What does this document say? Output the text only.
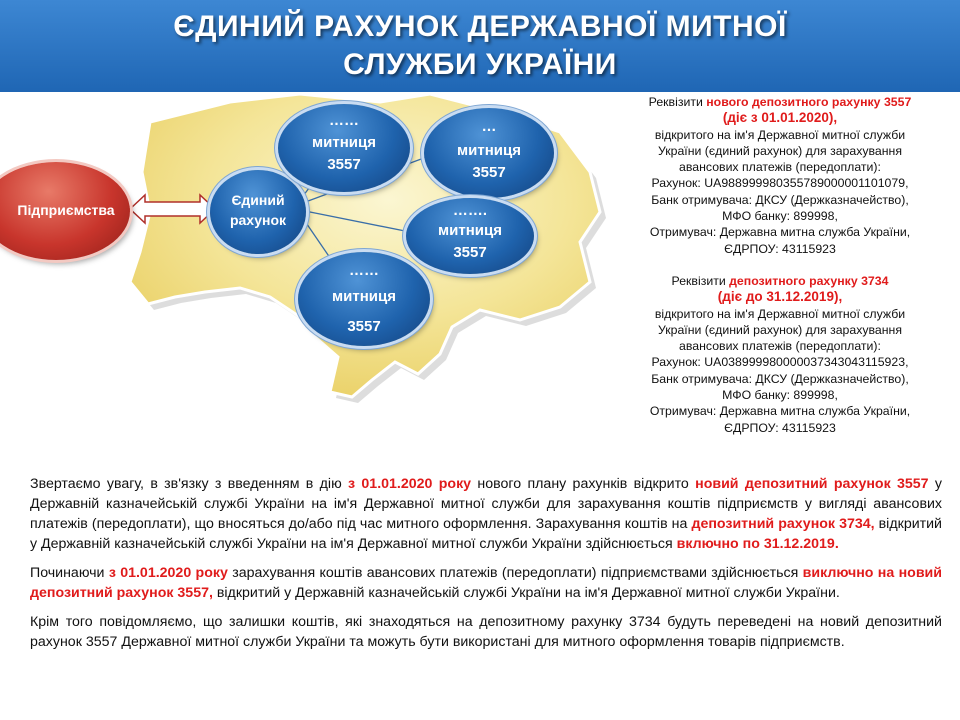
ЄДИНИЙ РАХУНОК ДЕРЖАВНОЇ МИТНОЇ
СЛУЖБИ УКРАЇНИ
Підприємства
Єдиний
рахунок
……
митниця
3557
…
митниця
3557
…….
митниця
3557
……
митниця
3557

Реквізити нового депозитного рахунку 3557

(діє з 01.01.2020),

відкритого на ім'я Державної митної служби

України (єдиний рахунок) для зарахування

авансових платежів (передоплати):

Рахунок: UA988999980355789000001101079,

Банк отримувача: ДКСУ (Держказначейство),

МФО банку: 899998,

Отримувач: Державна митна служба України,

ЄДРПОУ: 43115923

Реквізити депозитного рахунку 3734

(діє до 31.12.2019),

відкритого на ім'я Державної митної служби

України (єдиний рахунок) для зарахування

авансових платежів (передоплати):

Рахунок: UA038999980000037343043115923,

Банк отримувача: ДКСУ (Держказначейство),

МФО банку: 899998,

Отримувач: Державна митна служба України,

ЄДРПОУ: 43115923

Звертаємо увагу, в зв'язку з введенням в дію з 01.01.2020 року нового плану рахунків відкрито новий депозитний рахунок 3557 у Державній казначейській службі України на ім'я Державної митної служби для зарахування коштів підприємств у вигляді авансових платежів (передоплати), що вносяться до/або під час митного оформлення. Зарахування коштів на депозитний рахунок 3734, відкритий у Державній казначейській службі України на ім'я Державної митної служби України здійснюється включно по 31.12.2019.

Починаючи з 01.01.2020 року зарахування коштів авансових платежів (передоплати) підприємствами здійснюється виключно на новий депозитний рахунок 3557, відкритий у Державній казначейській службі України на ім'я Державної митної служби України.

Крім того повідомляємо, що залишки коштів, які знаходяться на депозитному рахунку 3734 будуть переведені на новий депозитний рахунок 3557 Державної митної служби України та можуть бути використані для митного оформлення товарів підприємств.
